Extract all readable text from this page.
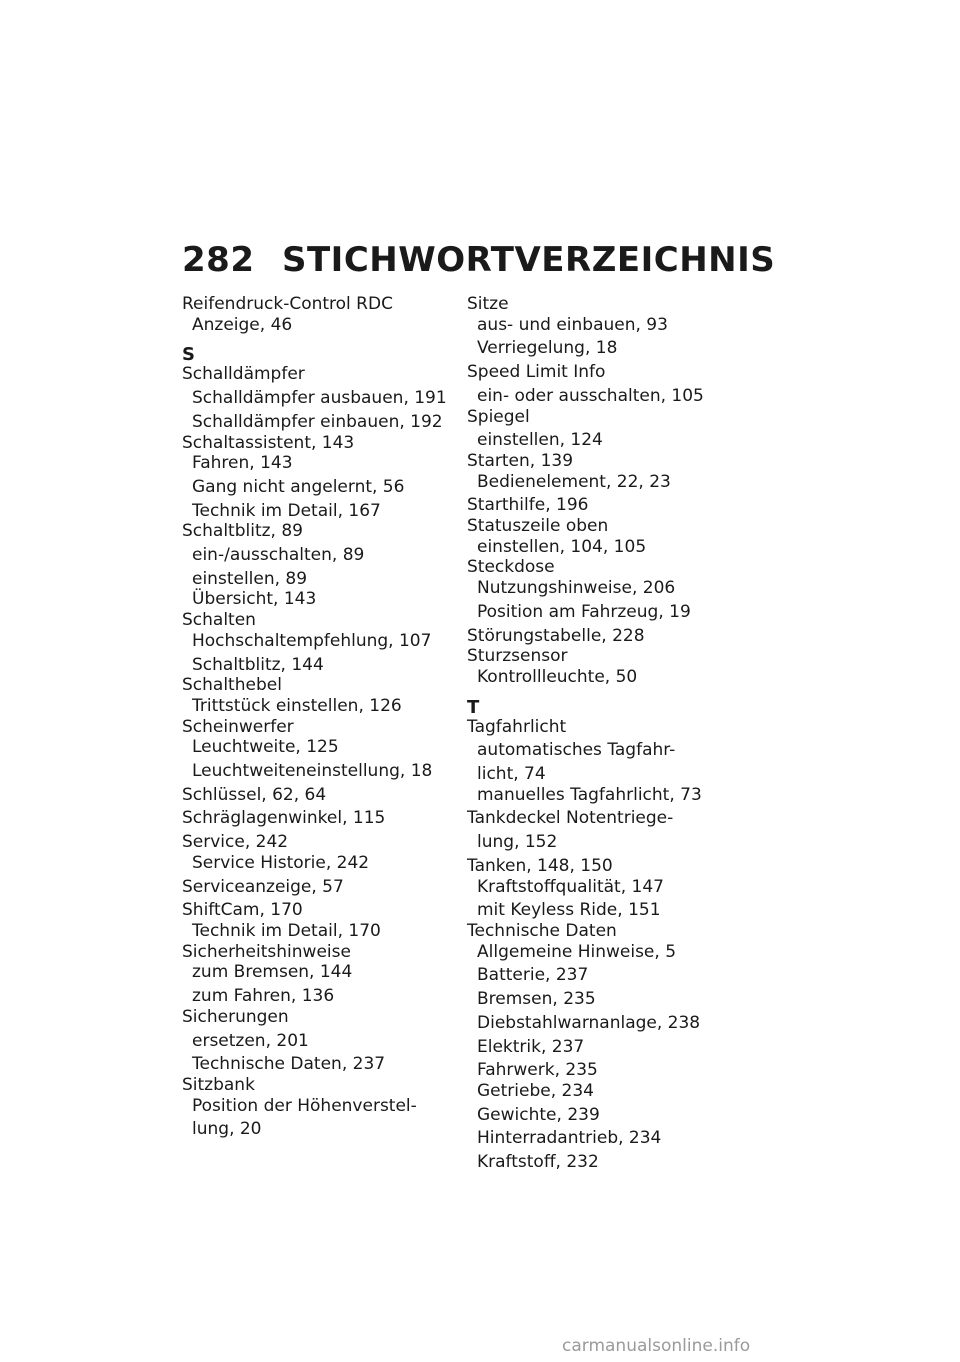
282 STICHWORTVERZEICHNIS
Reifendruck-Control RDC
Anzeige, 46
S
Schalldämpfer
Schalldämpfer ausbauen, 191
Schalldämpfer einbauen, 192
Schaltassistent, 143
Fahren, 143
Gang nicht angelernt, 56
Technik im Detail, 167
Schaltblitz, 89
ein-/ausschalten, 89
einstellen, 89
Übersicht, 143
Schalten
Hochschaltempfehlung, 107
Schaltblitz, 144
Schalthebel
Trittstück einstellen, 126
Scheinwerfer
Leuchtweite, 125
Leuchtweiteneinstellung, 18
Schlüssel, 62, 64
Schräglagenwinkel, 115
Service, 242
Service Historie, 242
Serviceanzeige, 57
ShiftCam, 170
Technik im Detail, 170
Sicherheitshinweise
zum Bremsen, 144
zum Fahren, 136
Sicherungen
ersetzen, 201
Technische Daten, 237
Sitzbank
Position der Höhenverstel-
lung, 20
Sitze
aus- und einbauen, 93
Verriegelung, 18
Speed Limit Info
ein- oder ausschalten, 105
Spiegel
einstellen, 124
Starten, 139
Bedienelement, 22, 23
Starthilfe, 196
Statuszeile oben
einstellen, 104, 105
Steckdose
Nutzungshinweise, 206
Position am Fahrzeug, 19
Störungstabelle, 228
Sturzsensor
Kontrollleuchte, 50
T
Tagfahrlicht
automatisches Tagfahr-
licht, 74
manuelles Tagfahrlicht, 73
Tankdeckel Notentriege-
lung, 152
Tanken, 148, 150
Kraftstoffqualität, 147
mit Keyless Ride, 151
Technische Daten
Allgemeine Hinweise, 5
Batterie, 237
Bremsen, 235
Diebstahlwarnanlage, 238
Elektrik, 237
Fahrwerk, 235
Getriebe, 234
Gewichte, 239
Hinterradantrieb, 234
Kraftstoff, 232
carmanualsonline.info
